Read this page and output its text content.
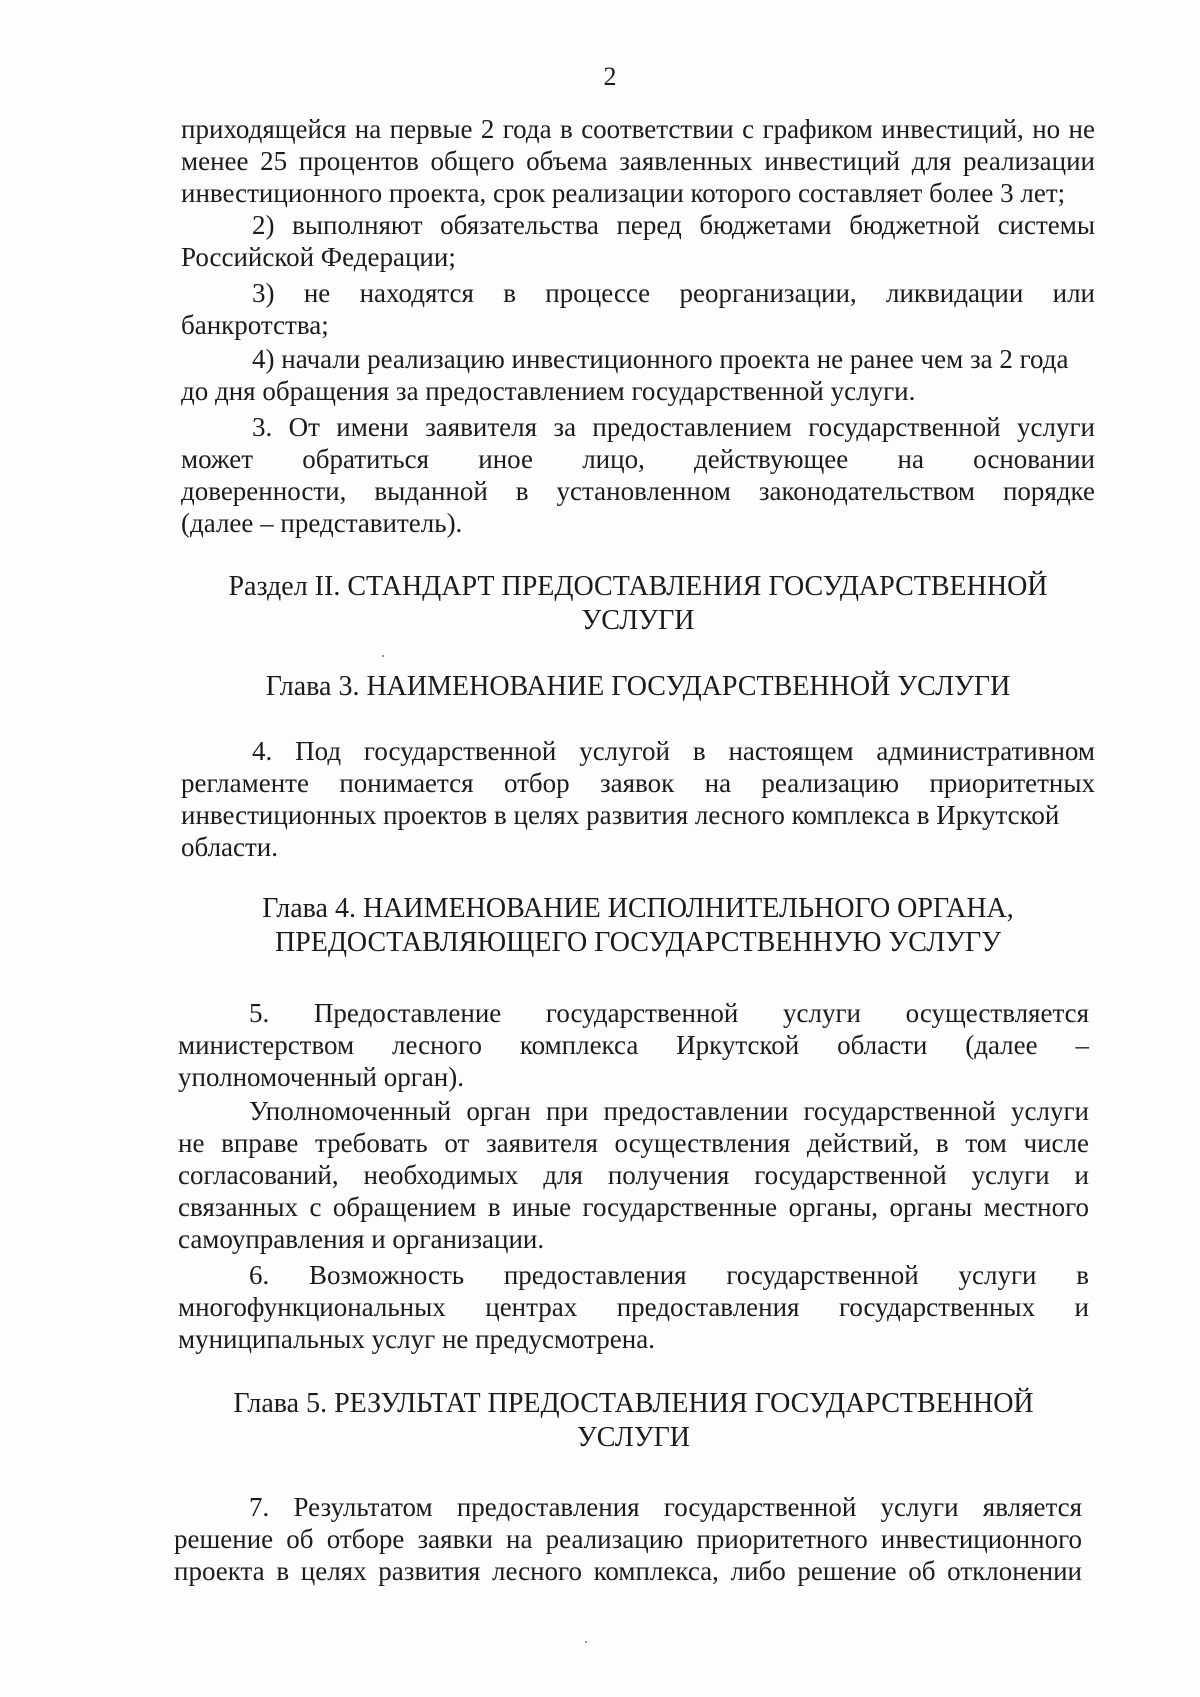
2
приходящейся на первые 2 года в соответствии с графиком инвестиций, но не
менее 25 процентов общего объема заявленных инвестиций для реализации
инвестиционного проекта, срок реализации которого составляет более 3 лет;
2) выполняют обязательства перед бюджетами бюджетной системы
Российской Федерации;
3) не находятся в процессе реорганизации, ликвидации или
банкротства;
4) начали реализацию инвестиционного проекта не ранее чем за 2 года
до дня обращения за предоставлением государственной услуги.
3. От имени заявителя за предоставлением государственной услуги
может обратиться иное лицо, действующее на основании
доверенности, выданной в установленном законодательством порядке
(далее – представитель).
Раздел II. СТАНДАРТ ПРЕДОСТАВЛЕНИЯ ГОСУДАРСТВЕННОЙ
УСЛУГИ
Глава 3. НАИМЕНОВАНИЕ ГОСУДАРСТВЕННОЙ УСЛУГИ
4. Под государственной услугой в настоящем административном
регламенте понимается отбор заявок на реализацию приоритетных
инвестиционных проектов в целях развития лесного комплекса в Иркутской
области.
Глава 4. НАИМЕНОВАНИЕ ИСПОЛНИТЕЛЬНОГО ОРГАНА,
ПРЕДОСТАВЛЯЮЩЕГО ГОСУДАРСТВЕННУЮ УСЛУГУ
5. Предоставление государственной услуги осуществляется
министерством лесного комплекса Иркутской области (далее –
уполномоченный орган).
Уполномоченный орган при предоставлении государственной услуги
не вправе требовать от заявителя осуществления действий, в том числе
согласований, необходимых для получения государственной услуги и
связанных с обращением в иные государственные органы, органы местного
самоуправления и организации.
6. Возможность предоставления государственной услуги в
многофункциональных центрах предоставления государственных и
муниципальных услуг не предусмотрена.
Глава 5. РЕЗУЛЬТАТ ПРЕДОСТАВЛЕНИЯ ГОСУДАРСТВЕННОЙ
УСЛУГИ
7. Результатом предоставления государственной услуги является
решение об отборе заявки на реализацию приоритетного инвестиционного
проекта в целях развития лесного комплекса, либо решение об отклонении
